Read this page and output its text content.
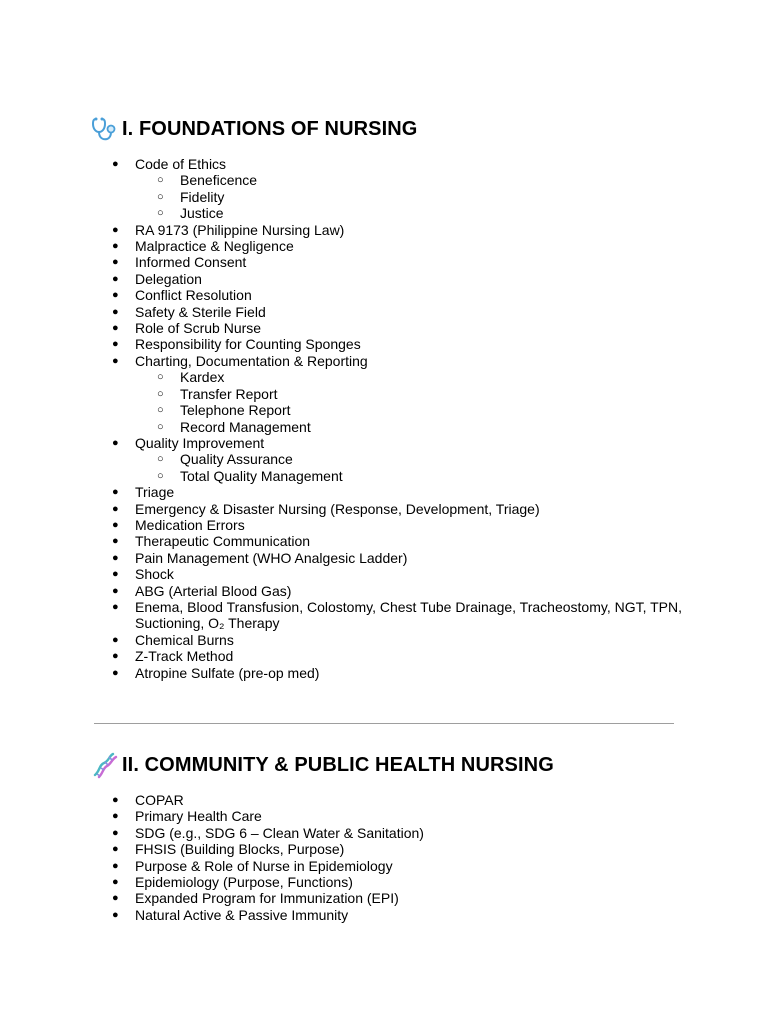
I. FOUNDATIONS OF NURSING
● Code of Ethics
○ Beneficence
○ Fidelity
○ Justice
● RA 9173 (Philippine Nursing Law)
● Malpractice & Negligence
● Informed Consent
● Delegation
● Conflict Resolution
● Safety & Sterile Field
● Role of Scrub Nurse
● Responsibility for Counting Sponges
● Charting, Documentation & Reporting
○ Kardex
○ Transfer Report
○ Telephone Report
○ Record Management
● Quality Improvement
○ Quality Assurance
○ Total Quality Management
● Triage
● Emergency & Disaster Nursing (Response, Development, Triage)
● Medication Errors
● Therapeutic Communication
● Pain Management (WHO Analgesic Ladder)
● Shock
● ABG (Arterial Blood Gas)
● Enema, Blood Transfusion, Colostomy, Chest Tube Drainage, Tracheostomy, NGT, TPN, Suctioning, O₂ Therapy
● Chemical Burns
● Z-Track Method
● Atropine Sulfate (pre-op med)
II. COMMUNITY & PUBLIC HEALTH NURSING
● COPAR
● Primary Health Care
● SDG (e.g., SDG 6 – Clean Water & Sanitation)
● FHSIS (Building Blocks, Purpose)
● Purpose & Role of Nurse in Epidemiology
● Epidemiology (Purpose, Functions)
● Expanded Program for Immunization (EPI)
● Natural Active & Passive Immunity
